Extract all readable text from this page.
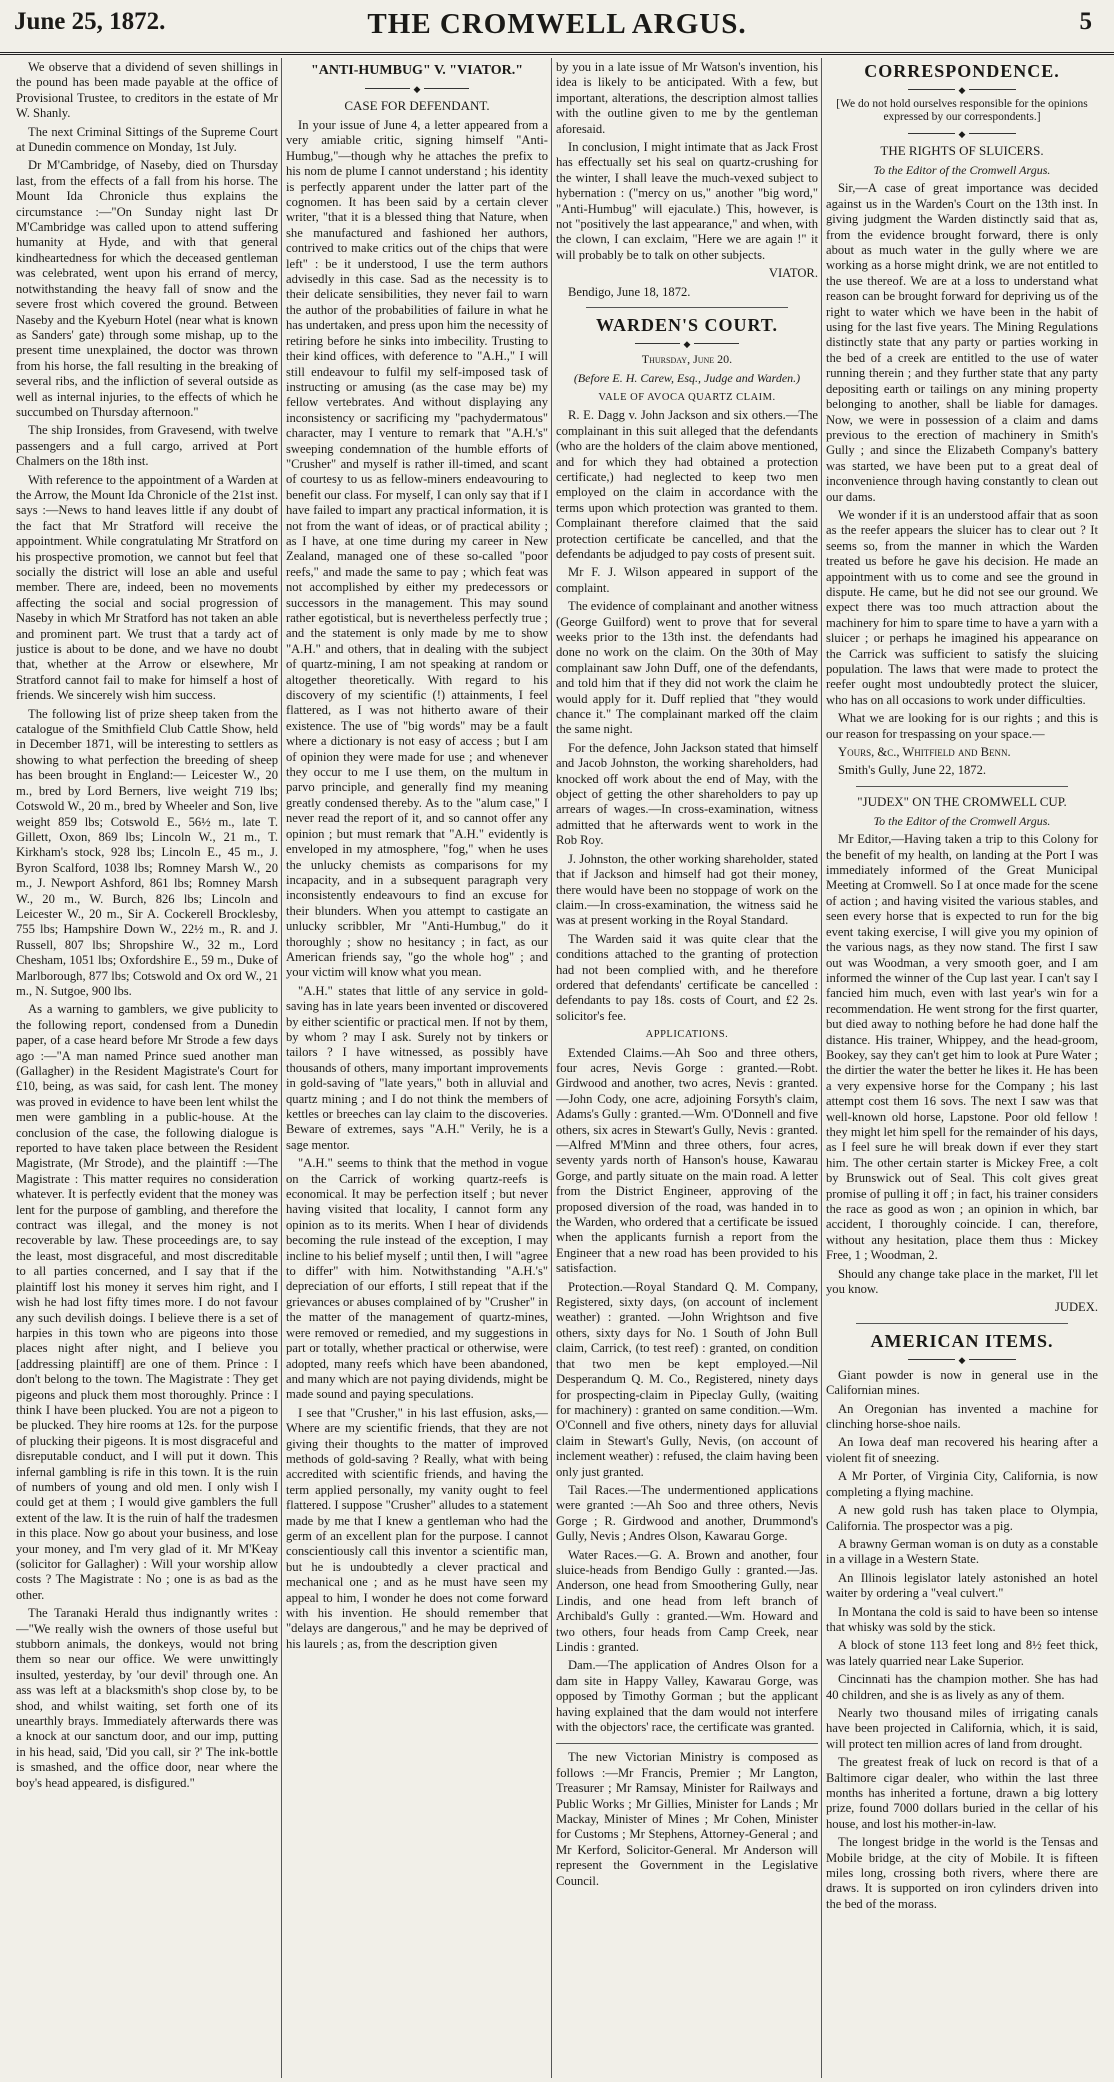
June 25, 1872.	THE CROMWELL ARGUS.	5

We observe that a dividend of seven shillings in the pound has been made payable at the office of Provisional Trustee, to creditors in the estate of Mr W. Shanly.

The next Criminal Sittings of the Supreme Court at Dunedin commence on Monday, 1st July.

Dr M'Cambridge, of Naseby, died on Thursday last, from the effects of a fall from his horse. The Mount Ida Chronicle thus explains the circumstance :—"On Sunday night last Dr M'Cambridge was called upon to attend suffering humanity at Hyde, and with that general kindheartedness for which the deceased gentleman was celebrated, went upon his errand of mercy, notwithstanding the heavy fall of snow and the severe frost which covered the ground. Between Naseby and the Kyeburn Hotel (near what is known as Sanders' gate) through some mishap, up to the present time unexplained, the doctor was thrown from his horse, the fall resulting in the breaking of several ribs, and the infliction of several outside as well as internal injuries, to the effects of which he succumbed on Thursday afternoon."

The ship Ironsides, from Gravesend, with twelve passengers and a full cargo, arrived at Port Chalmers on the 18th inst.

With reference to the appointment of a Warden at the Arrow, the Mount Ida Chronicle of the 21st inst. says :—News to hand leaves little if any doubt of the fact that Mr Stratford will receive the appointment. While congratulating Mr Stratford on his prospective promotion, we cannot but feel that socially the district will lose an able and useful member. There are, indeed, been no movements affecting the social and social progression of Naseby in which Mr Stratford has not taken an able and prominent part. We trust that a tardy act of justice is about to be done, and we have no doubt that, whether at the Arrow or elsewhere, Mr Stratford cannot fail to make for himself a host of friends. We sincerely wish him success.

The following list of prize sheep taken from the catalogue of the Smithfield Club Cattle Show, held in December 1871, will be interesting to settlers as showing to what perfection the breeding of sheep has been brought in England:— Leicester W., 20 m., bred by Lord Berners, live weight 719 lbs; Cotswold W., 20 m., bred by Wheeler and Son, live weight 859 lbs; Cotswold E., 56½ m., late T. Gillett, Oxon, 869 lbs; Lincoln W., 21 m., T. Kirkham's stock, 928 lbs; Lincoln E., 45 m., J. Byron Scalford, 1038 lbs; Romney Marsh W., 20 m., J. Newport Ashford, 861 lbs; Romney Marsh W., 20 m., W. Burch, 826 lbs; Lincoln and Leicester W., 20 m., Sir A. Cockerell Brocklesby, 755 lbs; Hampshire Down W., 22½ m., R. and J. Russell, 807 lbs; Shropshire W., 32 m., Lord Chesham, 1051 lbs; Oxfordshire E., 59 m., Duke of Marlborough, 877 lbs; Cotswold and Ox ord W., 21 m., N. Sutgoe, 900 lbs.

As a warning to gamblers, we give publicity to the following report, condensed from a Dunedin paper, of a case heard before Mr Strode a few days ago :—"A man named Prince sued another man (Gallagher) in the Resident Magistrate's Court for £10, being, as was said, for cash lent. The money was proved in evidence to have been lent whilst the men were gambling in a public-house. At the conclusion of the case, the following dialogue is reported to have taken place between the Resident Magistrate, (Mr Strode), and the plaintiff :—The Magistrate : This matter requires no consideration whatever. It is perfectly evident that the money was lent for the purpose of gambling, and therefore the contract was illegal, and the money is not recoverable by law. These proceedings are, to say the least, most disgraceful, and most discreditable to all parties concerned, and I say that if the plaintiff lost his money it serves him right, and I wish he had lost fifty times more. I do not favour any such devilish doings. I believe there is a set of harpies in this town who are pigeons into those places night after night, and I believe you [addressing plaintiff] are one of them. Prince : I don't belong to the town. The Magistrate : They get pigeons and pluck them most thoroughly. Prince : I think I have been plucked. You are not a pigeon to be plucked. They hire rooms at 12s. for the purpose of plucking their pigeons. It is most disgraceful and disreputable conduct, and I will put it down. This infernal gambling is rife in this town. It is the ruin of numbers of young and old men. I only wish I could get at them ; I would give gamblers the full extent of the law. It is the ruin of half the tradesmen in this place. Now go about your business, and lose your money, and I'm very glad of it. Mr M'Keay (solicitor for Gallagher) : Will your worship allow costs ? The Magistrate : No ; one is as bad as the other.

The Taranaki Herald thus indignantly writes :—"We really wish the owners of those useful but stubborn animals, the donkeys, would not bring them so near our office. We were unwittingly insulted, yesterday, by 'our devil' through one. An ass was left at a blacksmith's shop close by, to be shod, and whilst waiting, set forth one of its unearthly brays. Immediately afterwards there was a knock at our sanctum door, and our imp, putting in his head, said, 'Did you call, sir ?' The ink-bottle is smashed, and the office door, near where the boy's head appeared, is disfigured."

"ANTI-HUMBUG" V. "VIATOR."
◆
CASE FOR DEFENDANT.

In your issue of June 4, a letter appeared from a very amiable critic, signing himself "Anti-Humbug,"—though why he attaches the prefix to his nom de plume I cannot understand ; his identity is perfectly apparent under the latter part of the cognomen. It has been said by a certain clever writer, "that it is a blessed thing that Nature, when she manufactured and fashioned her authors, contrived to make critics out of the chips that were left" : be it understood, I use the term authors advisedly in this case. Sad as the necessity is to their delicate sensibilities, they never fail to warn the author of the probabilities of failure in what he has undertaken, and press upon him the necessity of retiring before he sinks into imbecility. Trusting to their kind offices, with deference to "A.H.," I will still endeavour to fulfil my self-imposed task of instructing or amusing (as the case may be) my fellow vertebrates. And without displaying any inconsistency or sacrificing my "pachydermatous" character, may I venture to remark that "A.H.'s" sweeping condemnation of the humble efforts of "Crusher" and myself is rather ill-timed, and scant of courtesy to us as fellow-miners endeavouring to benefit our class. For myself, I can only say that if I have failed to impart any practical information, it is not from the want of ideas, or of practical ability ; as I have, at one time during my career in New Zealand, managed one of these so-called "poor reefs," and made the same to pay ; which feat was not accomplished by either my predecessors or successors in the management. This may sound rather egotistical, but is nevertheless perfectly true ; and the statement is only made by me to show "A.H." and others, that in dealing with the subject of quartz-mining, I am not speaking at random or altogether theoretically. With regard to his discovery of my scientific (!) attainments, I feel flattered, as I was not hitherto aware of their existence. The use of "big words" may be a fault where a dictionary is not easy of access ; but I am of opinion they were made for use ; and whenever they occur to me I use them, on the multum in parvo principle, and generally find my meaning greatly condensed thereby. As to the "alum case," I never read the report of it, and so cannot offer any opinion ; but must remark that "A.H." evidently is enveloped in my atmosphere, "fog," when he uses the unlucky chemists as comparisons for my incapacity, and in a subsequent paragraph very inconsistently endeavours to find an excuse for their blunders. When you attempt to castigate an unlucky scribbler, Mr "Anti-Humbug," do it thoroughly ; show no hesitancy ; in fact, as our American friends say, "go the whole hog" ; and your victim will know what you mean.

"A.H." states that little of any service in gold-saving has in late years been invented or discovered by either scientific or practical men. If not by them, by whom ? may I ask. Surely not by tinkers or tailors ? I have witnessed, as possibly have thousands of others, many important improvements in gold-saving of "late years," both in alluvial and quartz mining ; and I do not think the members of kettles or breeches can lay claim to the discoveries. Beware of extremes, says "A.H." Verily, he is a sage mentor.

"A.H." seems to think that the method in vogue on the Carrick of working quartz-reefs is economical. It may be perfection itself ; but never having visited that locality, I cannot form any opinion as to its merits. When I hear of dividends becoming the rule instead of the exception, I may incline to his belief myself ; until then, I will "agree to differ" with him. Notwithstanding "A.H.'s" depreciation of our efforts, I still repeat that if the grievances or abuses complained of by "Crusher" in the matter of the management of quartz-mines, were removed or remedied, and my suggestions in part or totally, whether practical or otherwise, were adopted, many reefs which have been abandoned, and many which are not paying dividends, might be made sound and paying speculations.

I see that "Crusher," in his last effusion, asks,—Where are my scientific friends, that they are not giving their thoughts to the matter of improved methods of gold-saving ? Really, what with being accredited with scientific friends, and having the term applied personally, my vanity ought to feel flattered. I suppose "Crusher" alludes to a statement made by me that I knew a gentleman who had the germ of an excellent plan for the purpose. I cannot conscientiously call this inventor a scientific man, but he is undoubtedly a clever practical and mechanical one ; and as he must have seen my appeal to him, I wonder he does not come forward with his invention. He should remember that "delays are dangerous," and he may be deprived of his laurels ; as, from the description given

by you in a late issue of Mr Watson's invention, his idea is likely to be anticipated. With a few, but important, alterations, the description almost tallies with the outline given to me by the gentleman aforesaid.

In conclusion, I might intimate that as Jack Frost has effectually set his seal on quartz-crushing for the winter, I shall leave the much-vexed subject to hybernation : ("mercy on us," another "big word," "Anti-Humbug" will ejaculate.) This, however, is not "positively the last appearance," and when, with the clown, I can exclaim, "Here we are again !" it will probably be to talk on other subjects.

VIATOR.

Bendigo, June 18, 1872.

WARDEN'S COURT.
◆
Thursday, June 20.
(Before E. H. Carew, Esq., Judge and Warden.)
VALE OF AVOCA QUARTZ CLAIM.

R. E. Dagg v. John Jackson and six others.—The complainant in this suit alleged that the defendants (who are the holders of the claim above mentioned, and for which they had obtained a protection certificate,) had neglected to keep two men employed on the claim in accordance with the terms upon which protection was granted to them. Complainant therefore claimed that the said protection certificate be cancelled, and that the defendants be adjudged to pay costs of present suit.

Mr F. J. Wilson appeared in support of the complaint.

The evidence of complainant and another witness (George Guilford) went to prove that for several weeks prior to the 13th inst. the defendants had done no work on the claim. On the 30th of May complainant saw John Duff, one of the defendants, and told him that if they did not work the claim he would apply for it. Duff replied that "they would chance it." The complainant marked off the claim the same night.

For the defence, John Jackson stated that himself and Jacob Johnston, the working shareholders, had knocked off work about the end of May, with the object of getting the other shareholders to pay up arrears of wages.—In cross-examination, witness admitted that he afterwards went to work in the Rob Roy.

J. Johnston, the other working shareholder, stated that if Jackson and himself had got their money, there would have been no stoppage of work on the claim.—In cross-examination, the witness said he was at present working in the Royal Standard.

The Warden said it was quite clear that the conditions attached to the granting of protection had not been complied with, and he therefore ordered that defendants' certificate be cancelled : defendants to pay 18s. costs of Court, and £2 2s. solicitor's fee.

APPLICATIONS.

Extended Claims.—Ah Soo and three others, four acres, Nevis Gorge : granted.—Robt. Girdwood and another, two acres, Nevis : granted.—John Cody, one acre, adjoining Forsyth's claim, Adams's Gully : granted.—Wm. O'Donnell and five others, six acres in Stewart's Gully, Nevis : granted.—Alfred M'Minn and three others, four acres, seventy yards north of Hanson's house, Kawarau Gorge, and partly situate on the main road. A letter from the District Engineer, approving of the proposed diversion of the road, was handed in to the Warden, who ordered that a certificate be issued when the applicants furnish a report from the Engineer that a new road has been provided to his satisfaction.

Protection.—Royal Standard Q. M. Company, Registered, sixty days, (on account of inclement weather) : granted. —John Wrightson and five others, sixty days for No. 1 South of John Bull claim, Carrick, (to test reef) : granted, on condition that two men be kept employed.—Nil Desperandum Q. M. Co., Registered, ninety days for prospecting-claim in Pipeclay Gully, (waiting for machinery) : granted on same condition.—Wm. O'Connell and five others, ninety days for alluvial claim in Stewart's Gully, Nevis, (on account of inclement weather) : refused, the claim having been only just granted.

Tail Races.—The undermentioned applications were granted :—Ah Soo and three others, Nevis Gorge ; R. Girdwood and another, Drummond's Gully, Nevis ; Andres Olson, Kawarau Gorge.

Water Races.—G. A. Brown and another, four sluice-heads from Bendigo Gully : granted.—Jas. Anderson, one head from Smoothering Gully, near Lindis, and one head from left branch of Archibald's Gully : granted.—Wm. Howard and two others, four heads from Camp Creek, near Lindis : granted.

Dam.—The application of Andres Olson for a dam site in Happy Valley, Kawarau Gorge, was opposed by Timothy Gorman ; but the applicant having explained that the dam would not interfere with the objectors' race, the certificate was granted.

The new Victorian Ministry is composed as follows :—Mr Francis, Premier ; Mr Langton, Treasurer ; Mr Ramsay, Minister for Railways and Public Works ; Mr Gillies, Minister for Lands ; Mr Mackay, Minister of Mines ; Mr Cohen, Minister for Customs ; Mr Stephens, Attorney-General ; and Mr Kerford, Solicitor-General. Mr Anderson will represent the Government in the Legislative Council.

CORRESPONDENCE.
◆
[We do not hold ourselves responsible for the opinions expressed by our correspondents.]
◆
THE RIGHTS OF SLUICERS.
To the Editor of the Cromwell Argus.

Sir,—A case of great importance was decided against us in the Warden's Court on the 13th inst. In giving judgment the Warden distinctly said that as, from the evidence brought forward, there is only about as much water in the gully where we are working as a horse might drink, we are not entitled to the use thereof. We are at a loss to understand what reason can be brought forward for depriving us of the right to water which we have been in the habit of using for the last five years. The Mining Regulations distinctly state that any party or parties working in the bed of a creek are entitled to the use of water running therein ; and they further state that any party depositing earth or tailings on any mining property belonging to another, shall be liable for damages. Now, we were in possession of a claim and dams previous to the erection of machinery in Smith's Gully ; and since the Elizabeth Company's battery was started, we have been put to a great deal of inconvenience through having constantly to clean out our dams.

We wonder if it is an understood affair that as soon as the reefer appears the sluicer has to clear out ? It seems so, from the manner in which the Warden treated us before he gave his decision. He made an appointment with us to come and see the ground in dispute. He came, but he did not see our ground. We expect there was too much attraction about the machinery for him to spare time to have a yarn with a sluicer ; or perhaps he imagined his appearance on the Carrick was sufficient to satisfy the sluicing population. The laws that were made to protect the reefer ought most undoubtedly protect the sluicer, who has on all occasions to work under difficulties.

What we are looking for is our rights ; and this is our reason for trespassing on your space.—

Yours, &c., Whitfield and Benn.

Smith's Gully, June 22, 1872.

"JUDEX" ON THE CROMWELL CUP.
To the Editor of the Cromwell Argus.

Mr Editor,—Having taken a trip to this Colony for the benefit of my health, on landing at the Port I was immediately informed of the Great Municipal Meeting at Cromwell. So I at once made for the scene of action ; and having visited the various stables, and seen every horse that is expected to run for the big event taking exercise, I will give you my opinion of the various nags, as they now stand. The first I saw out was Woodman, a very smooth goer, and I am informed the winner of the Cup last year. I can't say I fancied him much, even with last year's win for a recommendation. He went strong for the first quarter, but died away to nothing before he had done half the distance. His trainer, Whippey, and the head-groom, Bookey, say they can't get him to look at Pure Water ; the dirtier the water the better he likes it. He has been a very expensive horse for the Company ; his last attempt cost them 16 sovs. The next I saw was that well-known old horse, Lapstone. Poor old fellow ! they might let him spell for the remainder of his days, as I feel sure he will break down if ever they start him. The other certain starter is Mickey Free, a colt by Brunswick out of Seal. This colt gives great promise of pulling it off ; in fact, his trainer considers the race as good as won ; an opinion in which, bar accident, I thoroughly coincide. I can, therefore, without any hesitation, place them thus : Mickey Free, 1 ; Woodman, 2.

Should any change take place in the market, I'll let you know.

JUDEX.

AMERICAN ITEMS.
◆

Giant powder is now in general use in the Californian mines.

An Oregonian has invented a machine for clinching horse-shoe nails.

An Iowa deaf man recovered his hearing after a violent fit of sneezing.

A Mr Porter, of Virginia City, California, is now completing a flying machine.

A new gold rush has taken place to Olympia, California. The prospector was a pig.

A brawny German woman is on duty as a constable in a village in a Western State.

An Illinois legislator lately astonished an hotel waiter by ordering a "veal culvert."

In Montana the cold is said to have been so intense that whisky was sold by the stick.

A block of stone 113 feet long and 8½ feet thick, was lately quarried near Lake Superior.

Cincinnati has the champion mother. She has had 40 children, and she is as lively as any of them.

Nearly two thousand miles of irrigating canals have been projected in California, which, it is said, will protect ten million acres of land from drought.

The greatest freak of luck on record is that of a Baltimore cigar dealer, who within the last three months has inherited a fortune, drawn a big lottery prize, found 7000 dollars buried in the cellar of his house, and lost his mother-in-law.

The longest bridge in the world is the Tensas and Mobile bridge, at the city of Mobile. It is fifteen miles long, crossing both rivers, where there are draws. It is supported on iron cylinders driven into the bed of the morass.
